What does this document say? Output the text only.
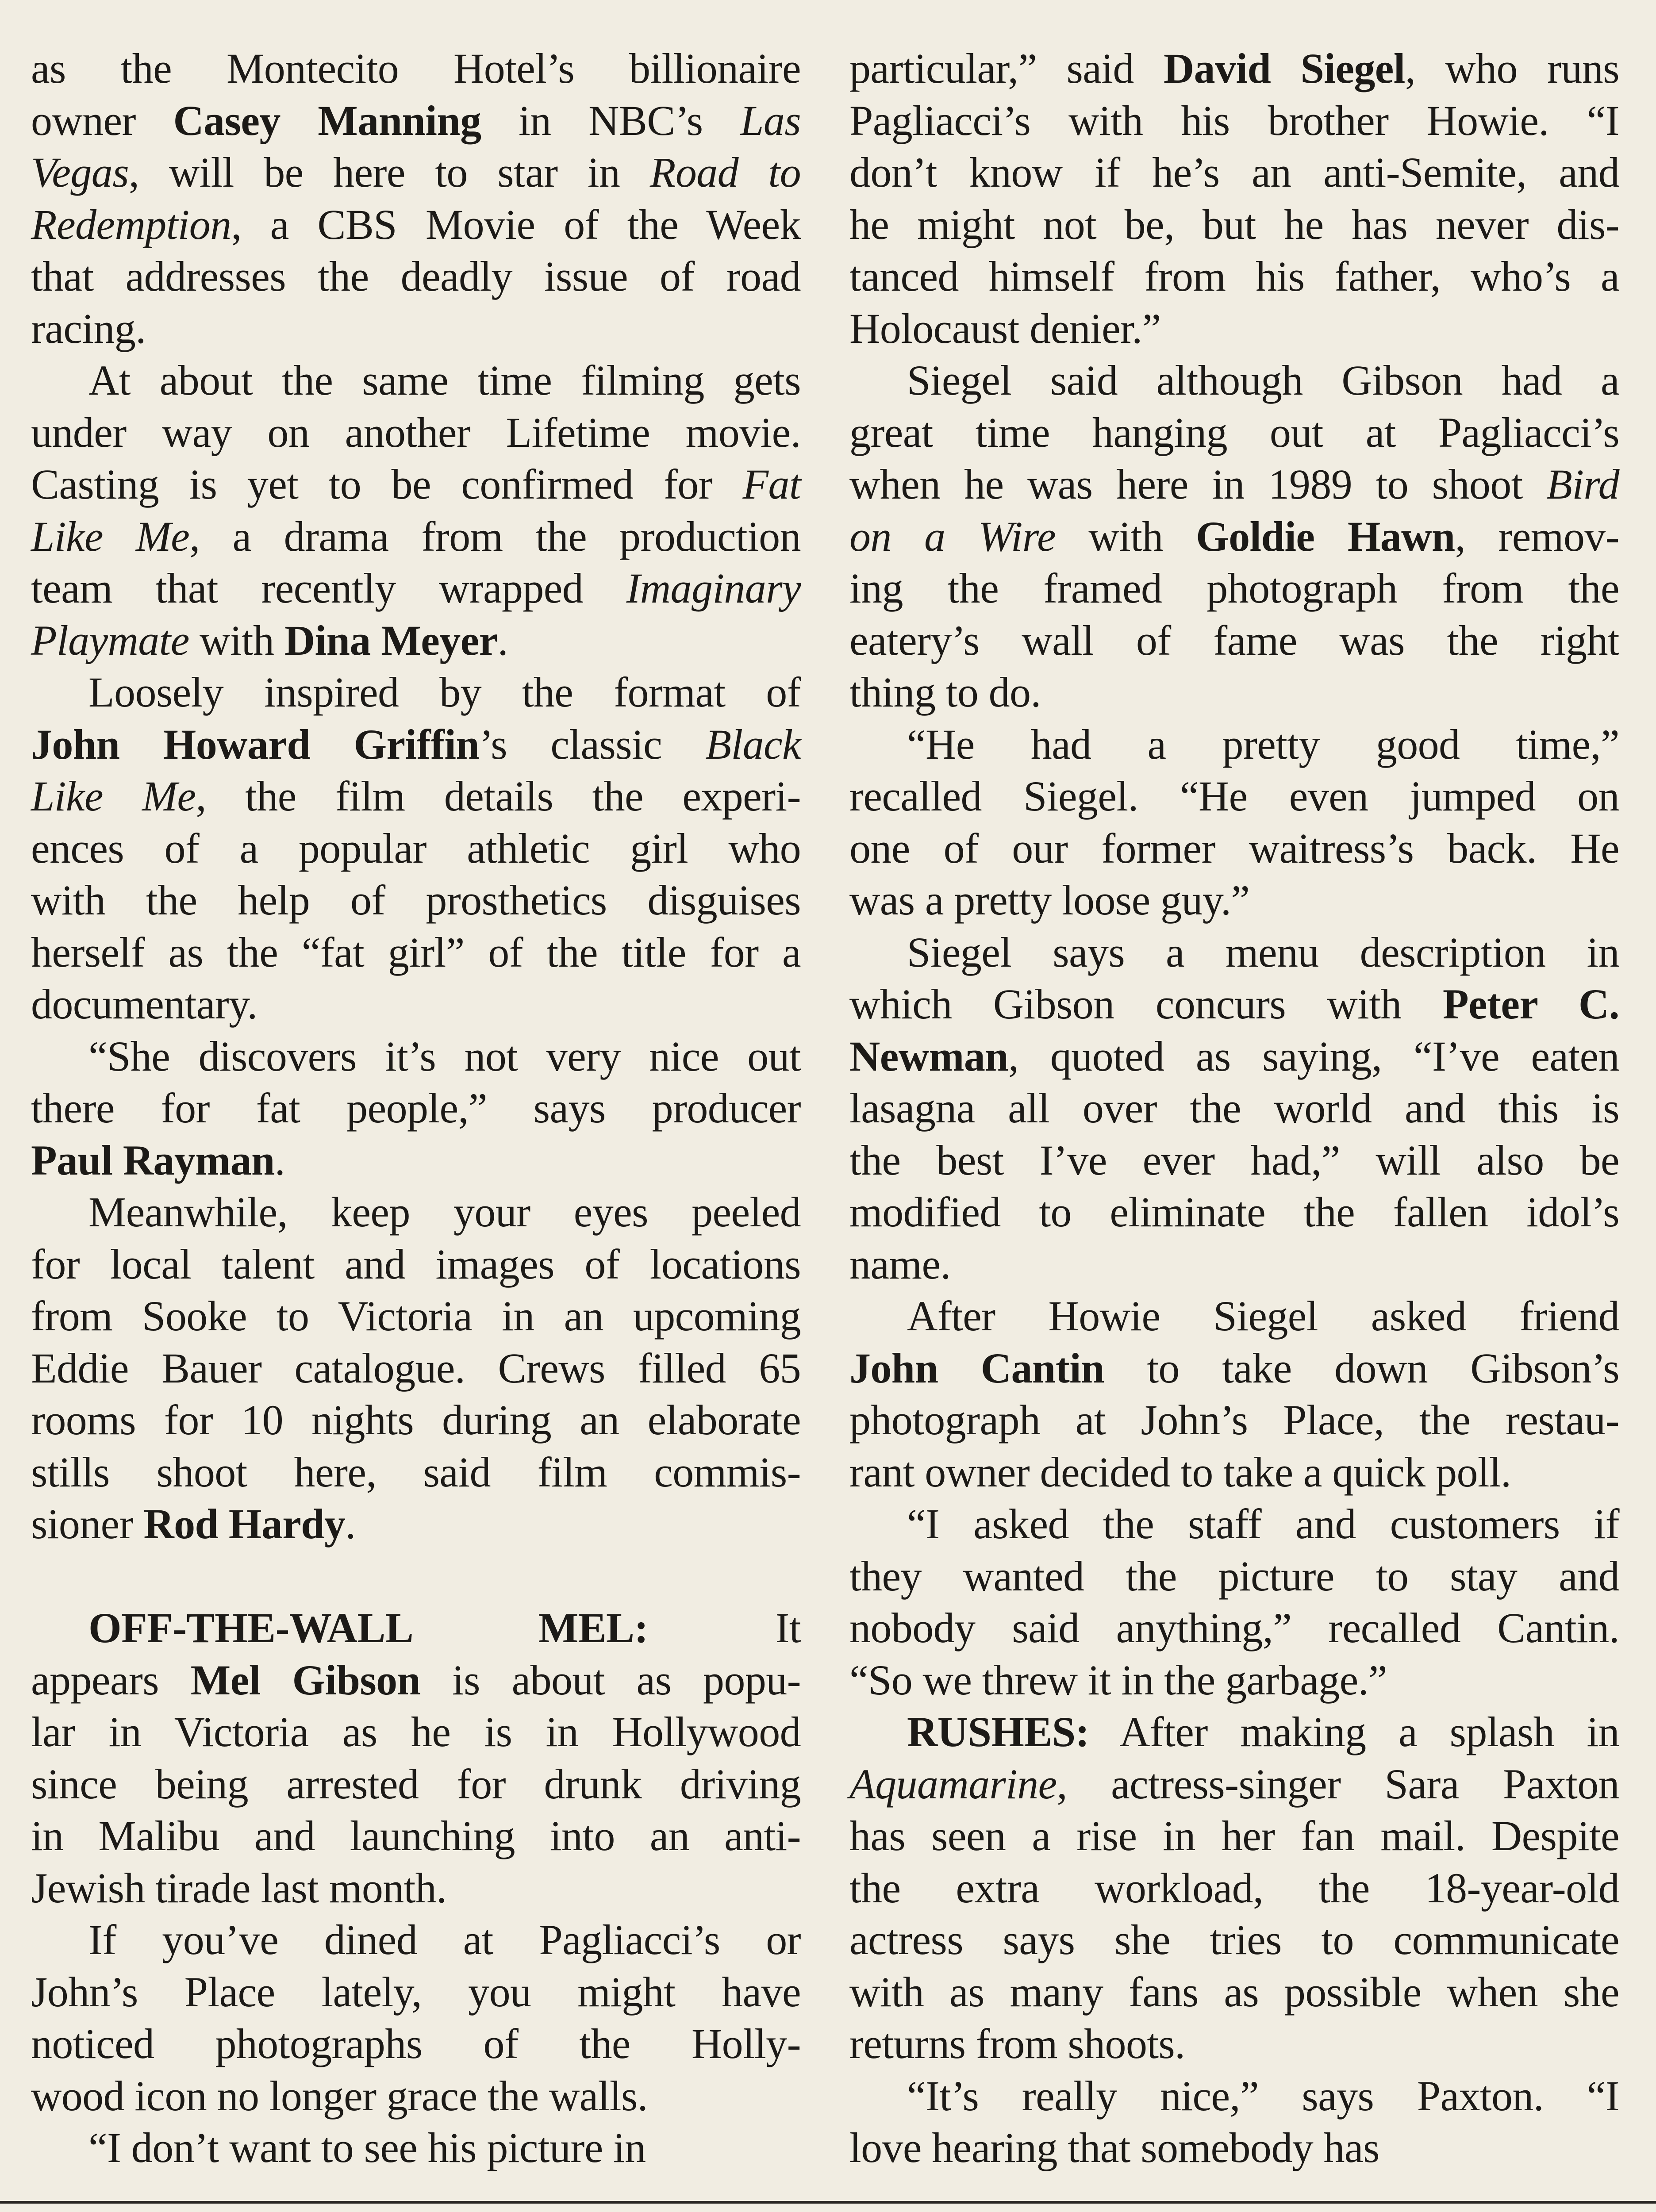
as the Montecito Hotel’s billionaire
owner Casey Manning in NBC’s Las
Vegas, will be here to star in Road to
Redemption, a CBS Movie of the Week
that addresses the deadly issue of road
racing.
At about the same time filming gets
under way on another Lifetime movie.
Casting is yet to be confirmed for Fat
Like Me, a drama from the production
team that recently wrapped Imaginary
Playmate with Dina Meyer.
Loosely inspired by the format of
John Howard Griffin’s classic Black
Like Me, the film details the experi-
ences of a popular athletic girl who
with the help of prosthetics disguises
herself as the “fat girl” of the title for a
documentary.
“She discovers it’s not very nice out
there for fat people,” says producer
Paul Rayman.
Meanwhile, keep your eyes peeled
for local talent and images of locations
from Sooke to Victoria in an upcoming
Eddie Bauer catalogue. Crews filled 65
rooms for 10 nights during an elaborate
stills shoot here, said film commis-
sioner Rod Hardy.
OFF-THE-WALL MEL: It
appears Mel Gibson is about as popu-
lar in Victoria as he is in Hollywood
since being arrested for drunk driving
in Malibu and launching into an anti-
Jewish tirade last month.
If you’ve dined at Pagliacci’s or
John’s Place lately, you might have
noticed photographs of the Holly-
wood icon no longer grace the walls.
“I don’t want to see his picture in
particular,” said David Siegel, who runs
Pagliacci’s with his brother Howie. “I
don’t know if he’s an anti-Semite, and
he might not be, but he has never dis-
tanced himself from his father, who’s a
Holocaust denier.”
Siegel said although Gibson had a
great time hanging out at Pagliacci’s
when he was here in 1989 to shoot Bird
on a Wire with Goldie Hawn, remov-
ing the framed photograph from the
eatery’s wall of fame was the right
thing to do.
“He had a pretty good time,”
recalled Siegel. “He even jumped on
one of our former waitress’s back. He
was a pretty loose guy.”
Siegel says a menu description in
which Gibson concurs with Peter C.
Newman, quoted as saying, “I’ve eaten
lasagna all over the world and this is
the best I’ve ever had,” will also be
modified to eliminate the fallen idol’s
name.
After Howie Siegel asked friend
John Cantin to take down Gibson’s
photograph at John’s Place, the restau-
rant owner decided to take a quick poll.
“I asked the staff and customers if
they wanted the picture to stay and
nobody said anything,” recalled Cantin.
“So we threw it in the garbage.”
RUSHES: After making a splash in
Aquamarine, actress-singer Sara Paxton
has seen a rise in her fan mail. Despite
the extra workload, the 18-year-old
actress says she tries to communicate
with as many fans as possible when she
returns from shoots.
“It’s really nice,” says Paxton. “I
love hearing that somebody has
